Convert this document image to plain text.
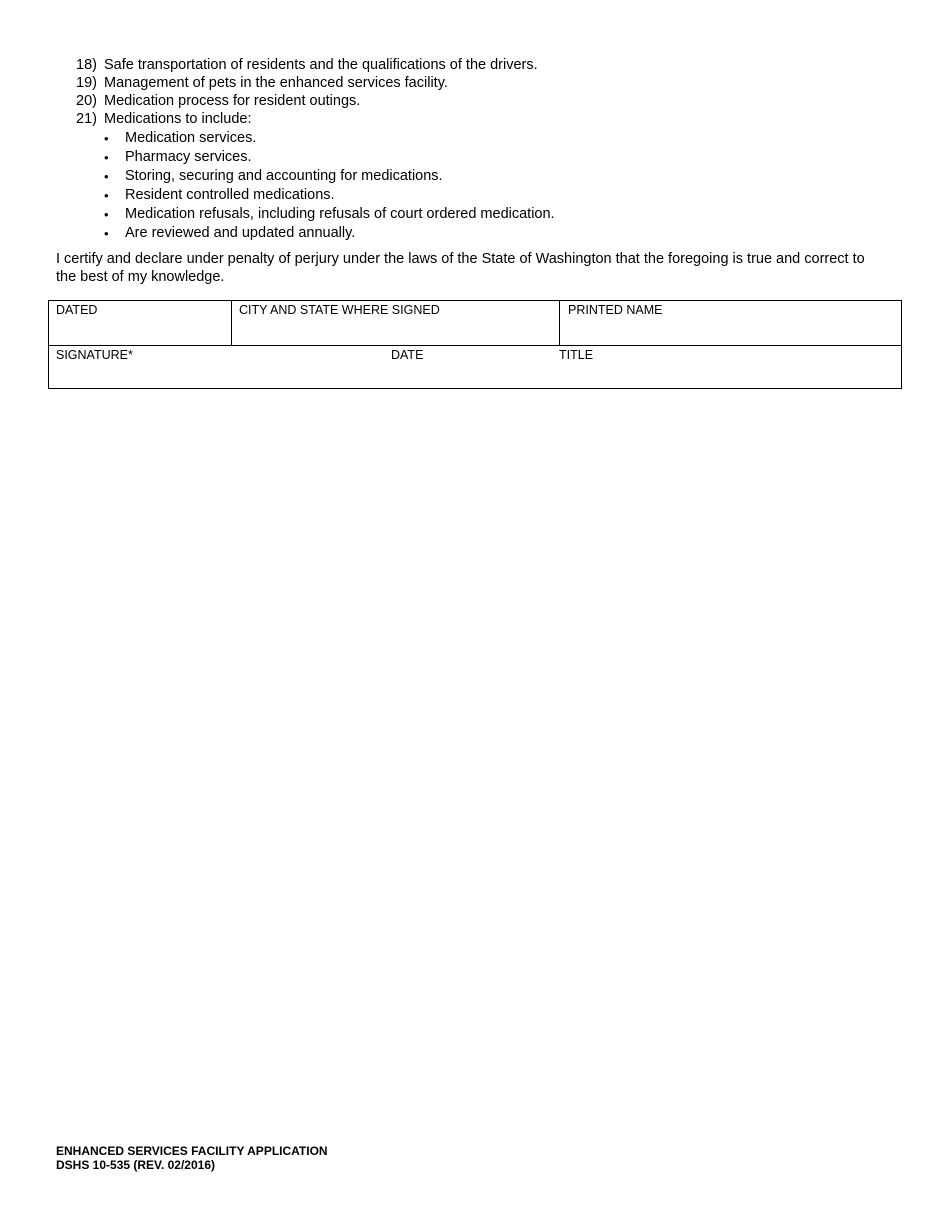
18) Safe transportation of residents and the qualifications of the drivers.
19) Management of pets in the enhanced services facility.
20) Medication process for resident outings.
21) Medications to include:
•	Medication services.
•	Pharmacy services.
•	Storing, securing and accounting for medications.
•	Resident controlled medications.
•	Medication refusals, including refusals of court ordered medication.
•	Are reviewed and updated annually.
I certify and declare under penalty of perjury under the laws of the State of Washington that the foregoing is true and correct to the best of my knowledge.
DATED	CITY AND STATE WHERE SIGNED	PRINTED NAME
SIGNATURE*	DATE	TITLE
ENHANCED SERVICES FACILITY APPLICATION
DSHS 10-535 (REV. 02/2016)
